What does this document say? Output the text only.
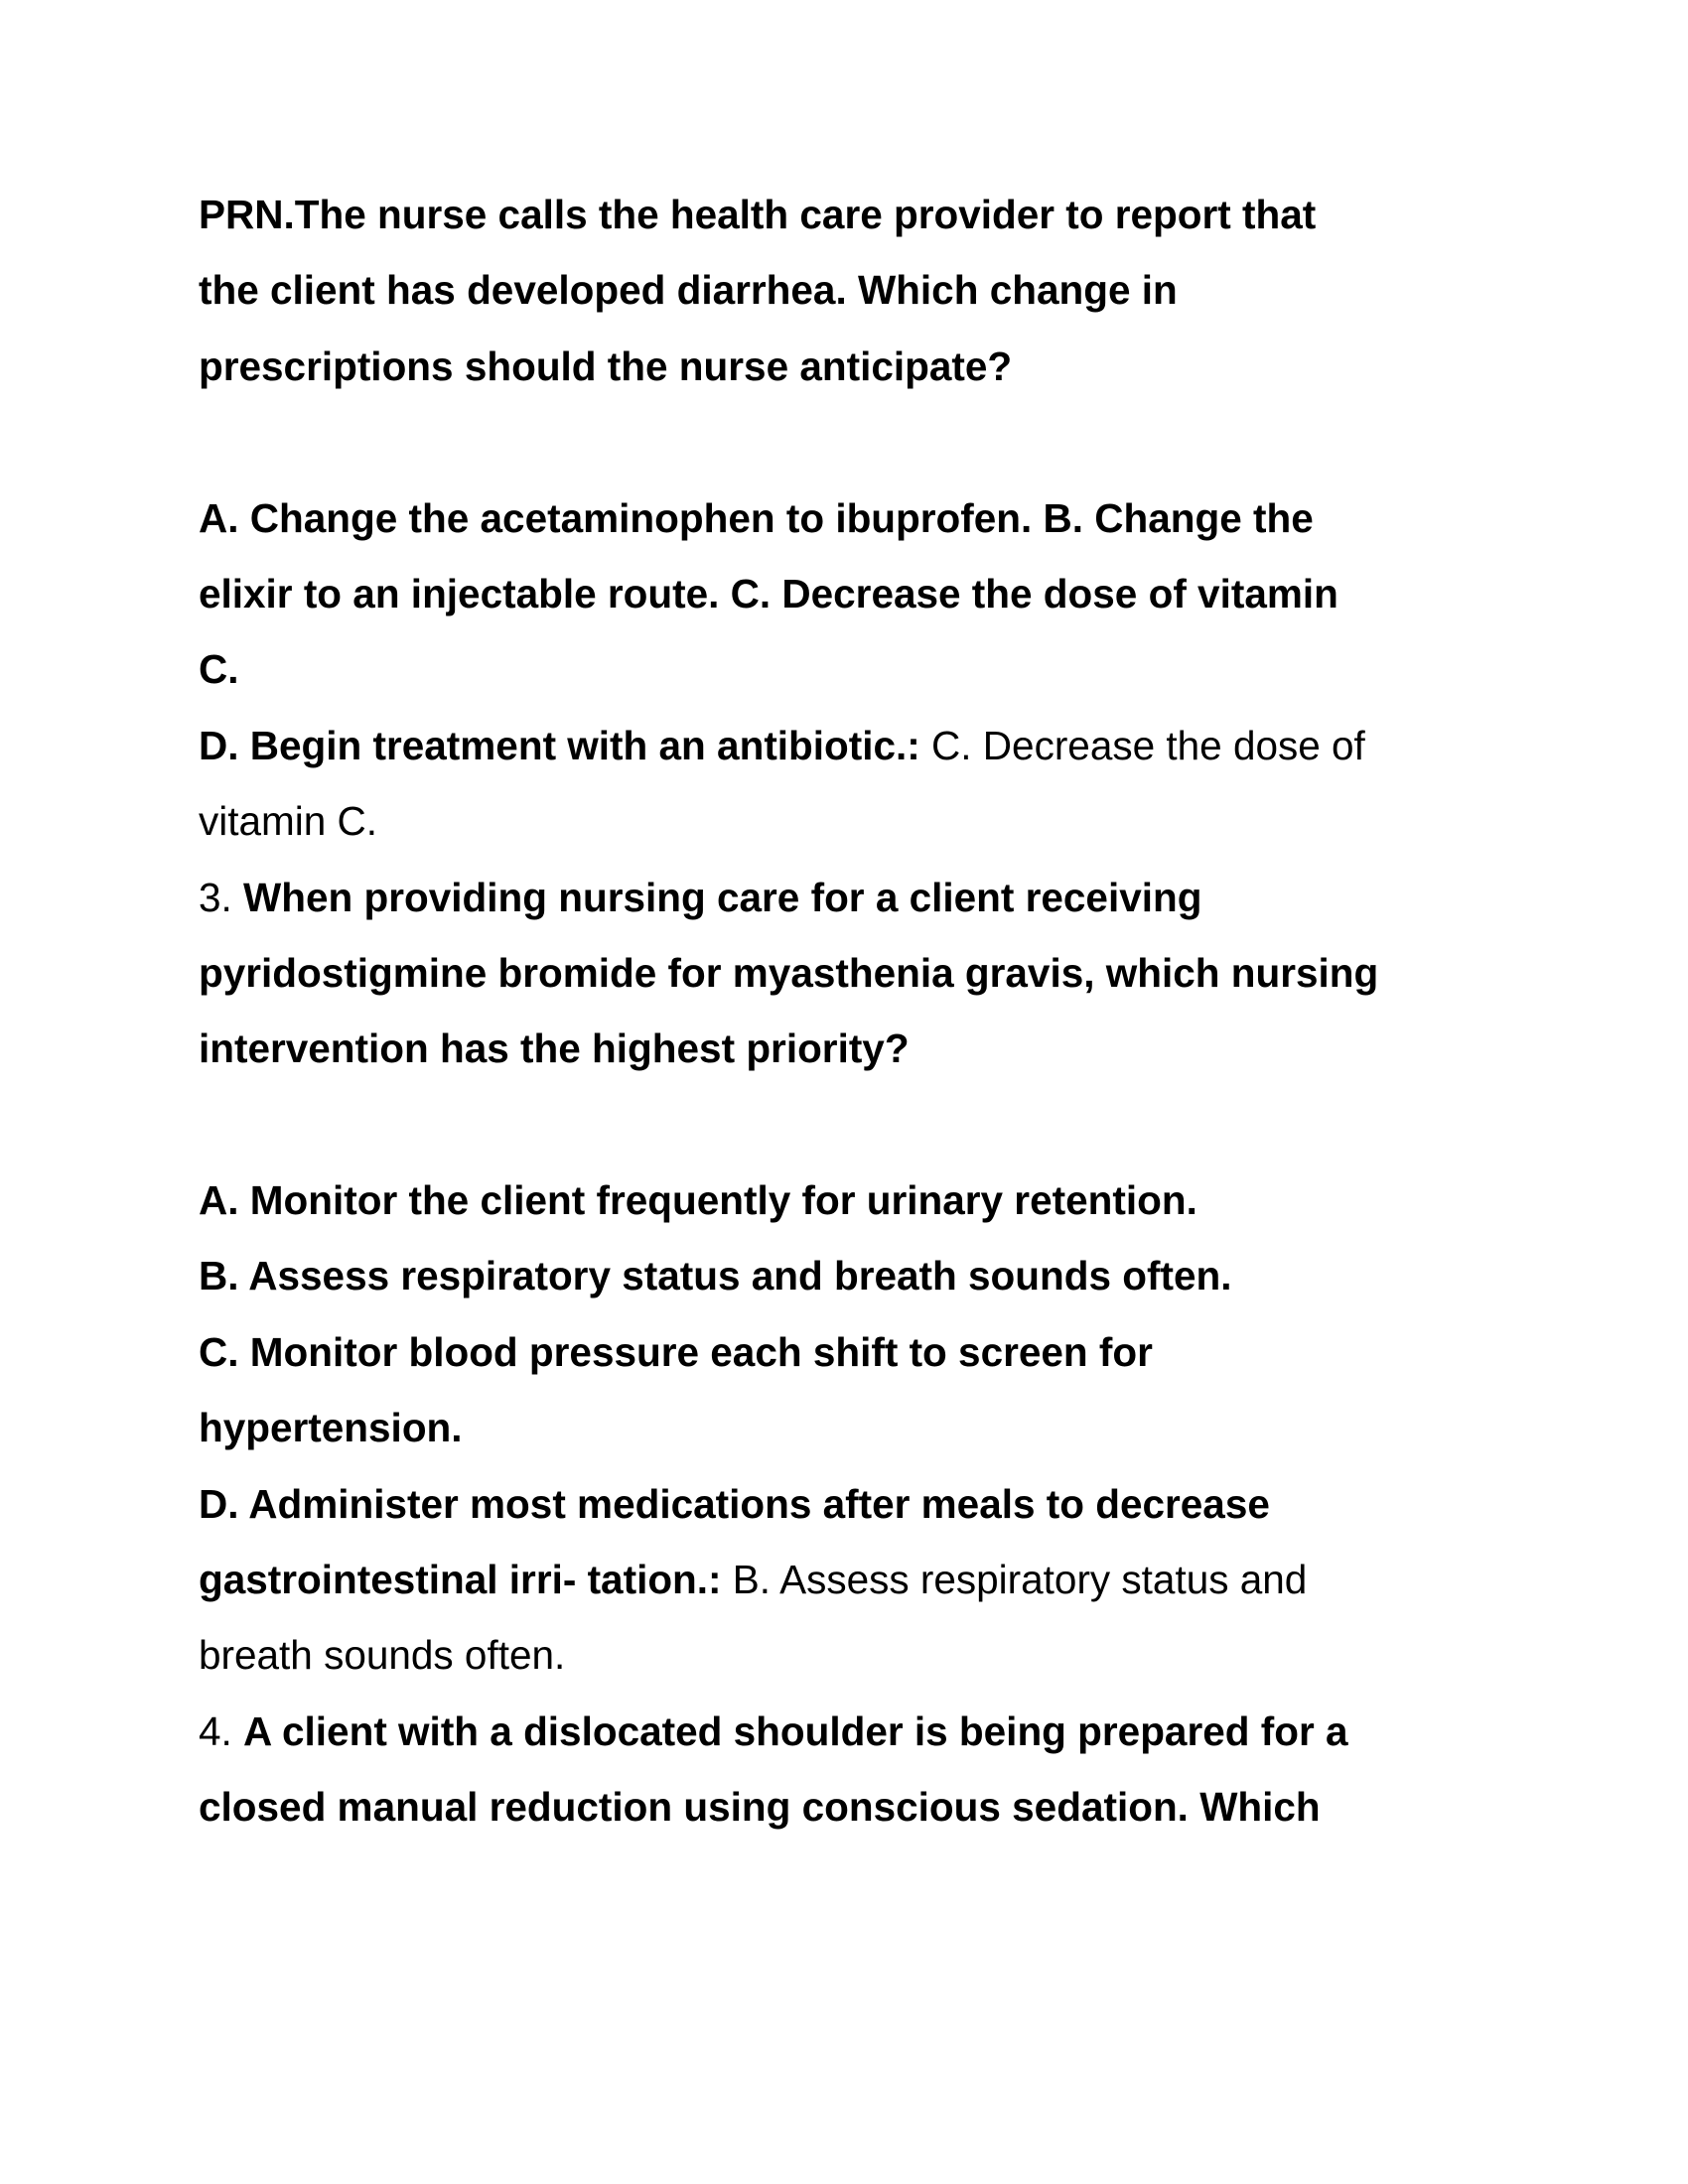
PRN.The nurse calls the health care provider to report that
the client has developed diarrhea. Which change in
prescriptions should the nurse anticipate?
A. Change the acetaminophen to ibuprofen. B. Change the
elixir to an injectable route. C. Decrease the dose of vitamin
C.
D. Begin treatment with an antibiotic.: C. Decrease the dose of
vitamin C.
3. When providing nursing care for a client receiving
pyridostigmine bromide for myasthenia gravis, which nursing
intervention has the highest priority?
A. Monitor the client frequently for urinary retention.
B. Assess respiratory status and breath sounds often.
C. Monitor blood pressure each shift to screen for
hypertension.
D. Administer most medications after meals to decrease
gastrointestinal irri- tation.: B. Assess respiratory status and
breath sounds often.
4. A client with a dislocated shoulder is being prepared for a
closed manual reduction using conscious sedation. Which
